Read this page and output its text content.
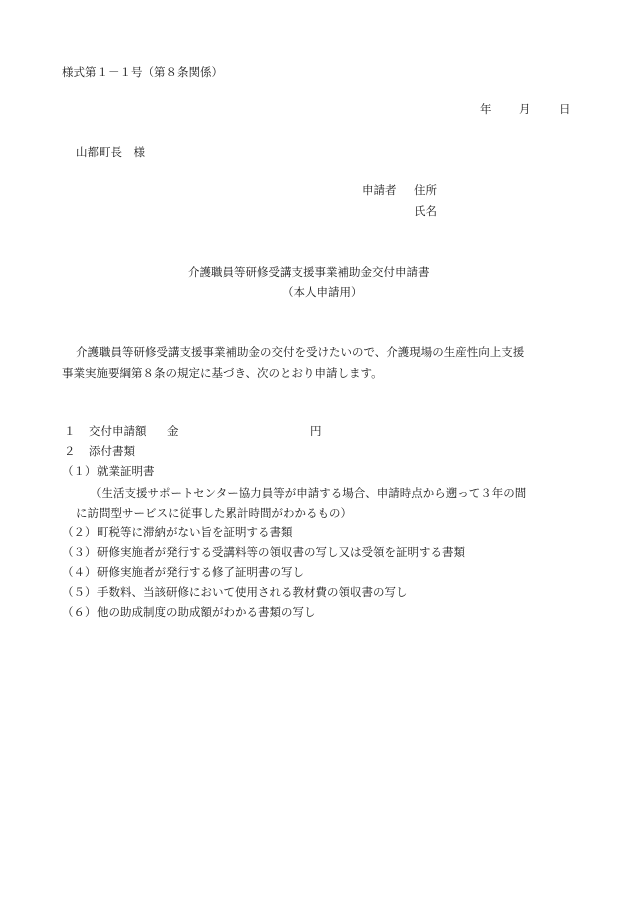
様式第１－１号（第８条関係）
年 月 日
山都町長　様
申請者 住所
氏名
介護職員等研修受講支援事業補助金交付申請書
（本人申請用）
介護職員等研修受講支援事業補助金の交付を受けたいので、介護現場の生産性向上支援
事業実施要綱第８条の規定に基づき、次のとおり申請します。
１ 交付申請額 金	円
２ 添付書類
（１） 就業証明書
（生活支援サポートセンター協力員等が申請する場合、申請時点から遡って３年の間
に訪問型サービスに従事した累計時間がわかるもの）
（２） 町税等に滞納がない旨を証明する書類
（３） 研修実施者が発行する受講料等の領収書の写し又は受領を証明する書類
（４） 研修実施者が発行する修了証明書の写し
（５） 手数料、当該研修において使用される教材費の領収書の写し
（６） 他の助成制度の助成額がわかる書類の写し
